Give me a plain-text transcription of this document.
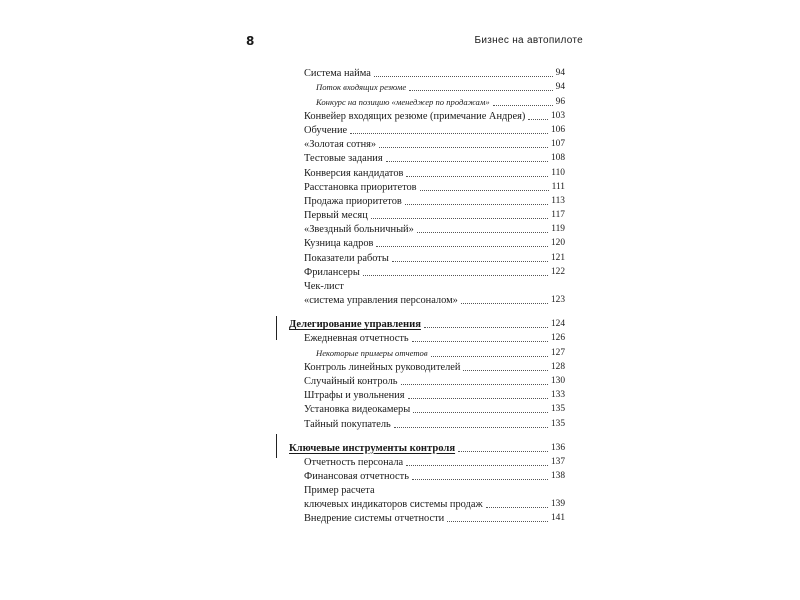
8	Бизнес на автопилоте
Система найма	94
Поток входящих резюме	94
Конкурс на позицию «менеджер по продажам»	96
Конвейер входящих резюме (примечание Андрея)	103
Обучение	106
«Золотая сотня»	107
Тестовые задания	108
Конверсия кандидатов	110
Расстановка приоритетов	111
Продажа приоритетов	113
Первый месяц	117
«Звездный больничный»	119
Кузница кадров	120
Показатели работы	121
Фрилансеры	122
Чек-лист
«система управления персоналом»	123
Делегирование управления	124
Ежедневная отчетность	126
Некоторые примеры отчетов	127
Контроль линейных руководителей	128
Случайный контроль	130
Штрафы и увольнения	133
Установка видеокамеры	135
Тайный покупатель	135
Ключевые инструменты контроля	136
Отчетность персонала	137
Финансовая отчетность	138
Пример расчета
ключевых индикаторов системы продаж	139
Внедрение системы отчетности	141
